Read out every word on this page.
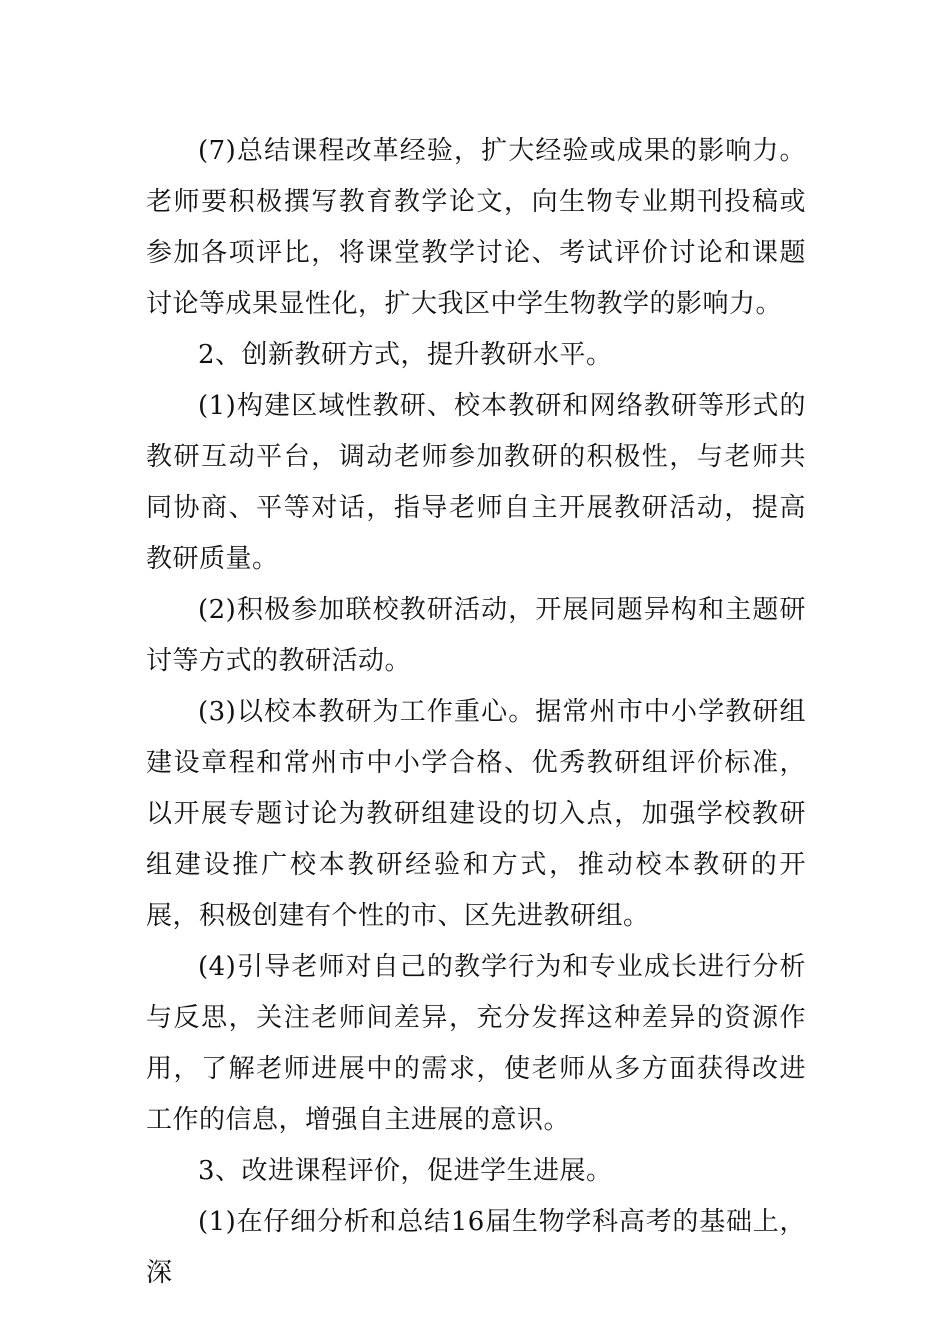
(7)总结课程改革经验，扩大经验或成果的影响力。老师要积极撰写教育教学论文，向生物专业期刊投稿或参加各项评比，将课堂教学讨论、考试评价讨论和课题讨论等成果显性化，扩大我区中学生物教学的影响力。

2、创新教研方式，提升教研水平。

(1)构建区域性教研、校本教研和网络教研等形式的教研互动平台，调动老师参加教研的积极性，与老师共同协商、平等对话，指导老师自主开展教研活动，提高教研质量。

(2)积极参加联校教研活动，开展同题异构和主题研讨等方式的教研活动。

(3)以校本教研为工作重心。据常州市中小学教研组建设章程和常州市中小学合格、优秀教研组评价标准，以开展专题讨论为教研组建设的切入点，加强学校教研组建设推广校本教研经验和方式，推动校本教研的开展，积极创建有个性的市、区先进教研组。

(4)引导老师对自己的教学行为和专业成长进行分析与反思，关注老师间差异，充分发挥这种差异的资源作用，了解老师进展中的需求，使老师从多方面获得改进工作的信息，增强自主进展的意识。

3、改进课程评价，促进学生进展。

(1)在仔细分析和总结16届生物学科高考的基础上，深
